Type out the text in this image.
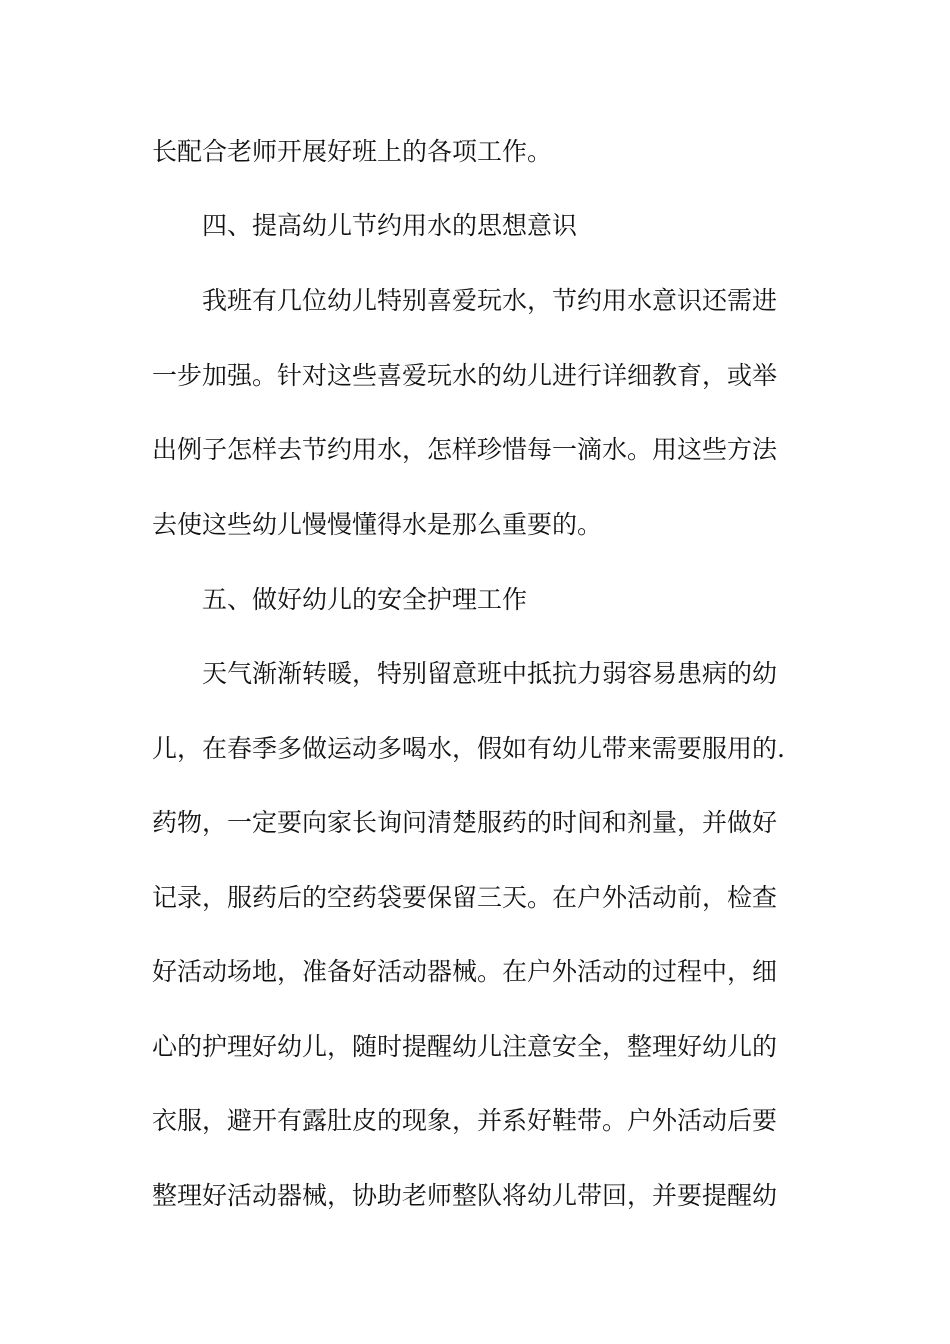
长配合老师开展好班上的各项工作。
四、提高幼儿节约用水的思想意识
我班有几位幼儿特别喜爱玩水，节约用水意识还需进
一步加强。针对这些喜爱玩水的幼儿进行详细教育，或举
出例子怎样去节约用水，怎样珍惜每一滴水。用这些方法
去使这些幼儿慢慢懂得水是那么重要的。
五、做好幼儿的安全护理工作
天气渐渐转暖，特别留意班中抵抗力弱容易患病的幼
儿，在春季多做运动多喝水，假如有幼儿带来需要服用的.
药物，一定要向家长询问清楚服药的时间和剂量，并做好
记录，服药后的空药袋要保留三天。在户外活动前，检查
好活动场地，准备好活动器械。在户外活动的过程中，细
心的护理好幼儿，随时提醒幼儿注意安全，整理好幼儿的
衣服，避开有露肚皮的现象，并系好鞋带。户外活动后要
整理好活动器械，协助老师整队将幼儿带回，并要提醒幼
